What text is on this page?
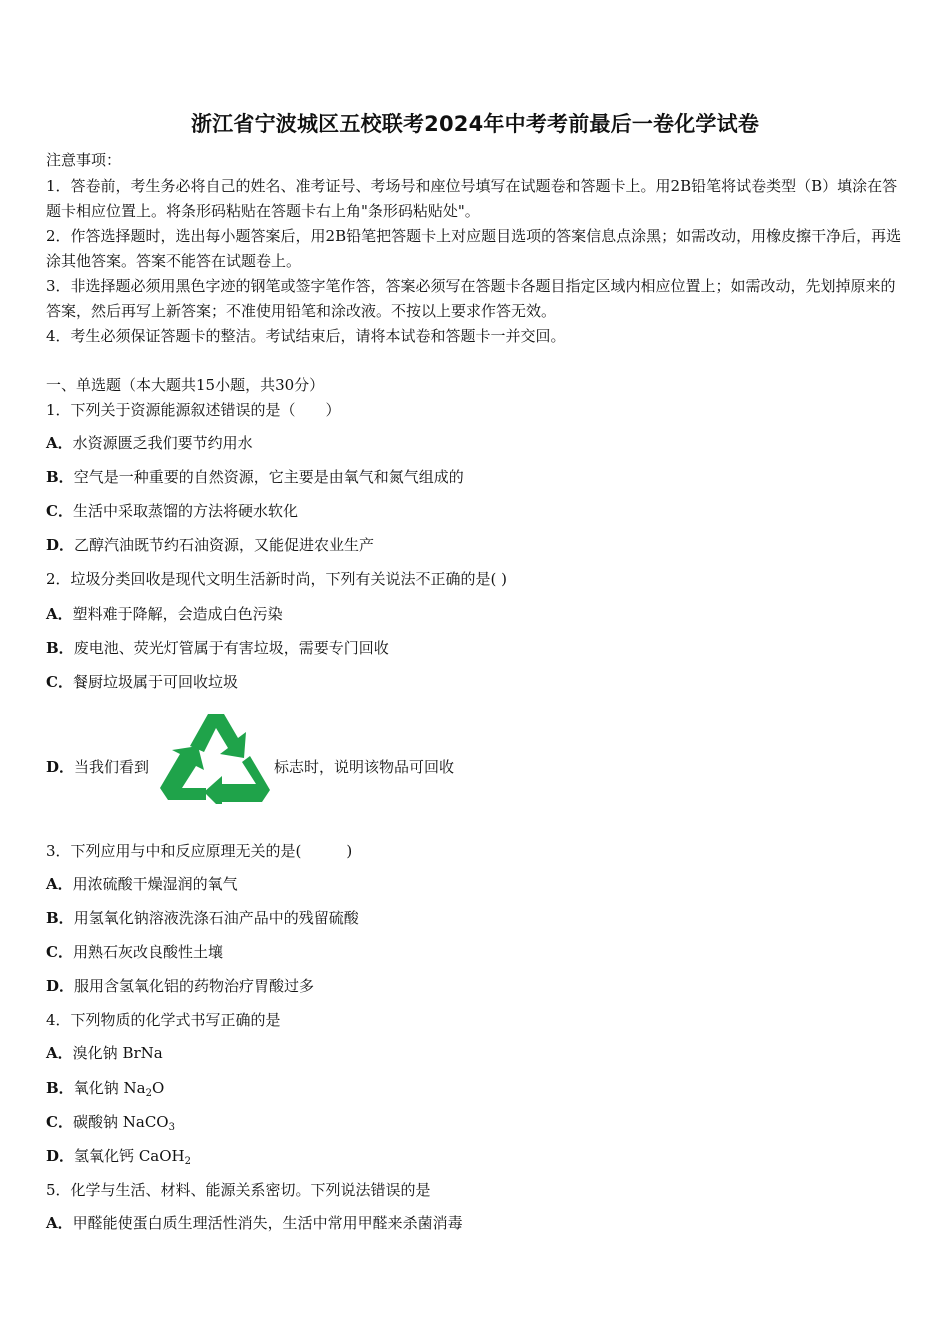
浙江省宁波城区五校联考2024年中考考前最后一卷化学试卷
注意事项：
1．答卷前，考生务必将自己的姓名、准考证号、考场号和座位号填写在试题卷和答题卡上。用2B铅笔将试卷类型（B）填涂在答题卡相应位置上。将条形码粘贴在答题卡右上角"条形码粘贴处"。
2．作答选择题时，选出每小题答案后，用2B铅笔把答题卡上对应题目选项的答案信息点涂黑；如需改动，用橡皮擦干净后，再选涂其他答案。答案不能答在试题卷上。
3．非选择题必须用黑色字迹的钢笔或签字笔作答，答案必须写在答题卡各题目指定区域内相应位置上；如需改动，先划掉原来的答案，然后再写上新答案；不准使用铅笔和涂改液。不按以上要求作答无效。
4．考生必须保证答题卡的整洁。考试结束后，请将本试卷和答题卡一并交回。
一、单选题（本大题共15小题，共30分）
1．下列关于资源能源叙述错误的是（　　）
A．水资源匮乏我们要节约用水
B．空气是一种重要的自然资源，它主要是由氧气和氮气组成的
C．生活中采取蒸馏的方法将硬水软化
D．乙醇汽油既节约石油资源，又能促进农业生产
2．垃圾分类回收是现代文明生活新时尚，下列有关说法不正确的是( )
A．塑料难于降解，会造成白色污染
B．废电池、荧光灯管属于有害垃圾，需要专门回收
C．餐厨垃圾属于可回收垃圾
D．当我们看到	标志时，说明该物品可回收
3．下列应用与中和反应原理无关的是(　　　)
A．用浓硫酸干燥湿润的氧气
B．用氢氧化钠溶液洗涤石油产品中的残留硫酸
C．用熟石灰改良酸性土壤
D．服用含氢氧化铝的药物治疗胃酸过多
4．下列物质的化学式书写正确的是
A．溴化钠 BrNa
B．氧化钠 $Na_2O$
C．碳酸钠 NaCO$_3$
D．氢氧化钙 CaOH$_2$
5．化学与生活、材料、能源关系密切。下列说法错误的是
A．甲醛能使蛋白质生理活性消失，生活中常用甲醛来杀菌消毒
